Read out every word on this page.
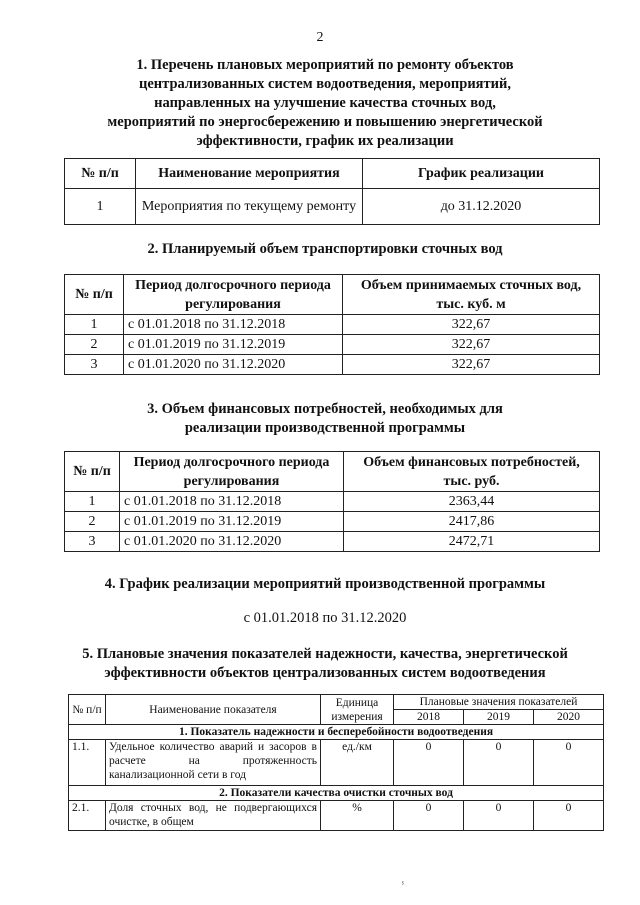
2
1. Перечень плановых мероприятий по ремонту объектов
централизованных систем водоотведения, мероприятий,
направленных на улучшение качества сточных вод,
мероприятий по энергосбережению и повышению энергетической
эффективности, график их реализации
№ п/п	Наименование мероприятия	График реализации
1	Мероприятия по текущему ремонту	до 31.12.2020
2. Планируемый объем транспортировки сточных вод
№ п/п	Период долгосрочного периода регулирования	Объем принимаемых сточных вод, тыс. куб. м
1	с 01.01.2018 по 31.12.2018	322,67
2	с 01.01.2019 по 31.12.2019	322,67
3	с 01.01.2020 по 31.12.2020	322,67
3. Объем финансовых потребностей, необходимых для
реализации производственной программы
№ п/п	Период долгосрочного периода регулирования	Объем финансовых потребностей, тыс. руб.
1	с 01.01.2018 по 31.12.2018	2363,44
2	с 01.01.2019 по 31.12.2019	2417,86
3	с 01.01.2020 по 31.12.2020	2472,71
4. График реализации мероприятий производственной программы
с 01.01.2018 по 31.12.2020
5. Плановые значения показателей надежности, качества, энергетической
эффективности объектов централизованных систем водоотведения
№ п/п	Наименование показателя	Единица измерения	Плановые значения показателей		
			2018	2019	2020
1. Показатель надежности и бесперебойности водоотведения					
1.1.	Удельное количество аварий и засоров в расчете на протяженность канализационной сети в год	ед./км	0	0	0
2. Показатели качества очистки сточных вод					
2.1.	Доля сточных вод, не подвергающихся очистке, в общем	%	0	0	0
ⸯ
